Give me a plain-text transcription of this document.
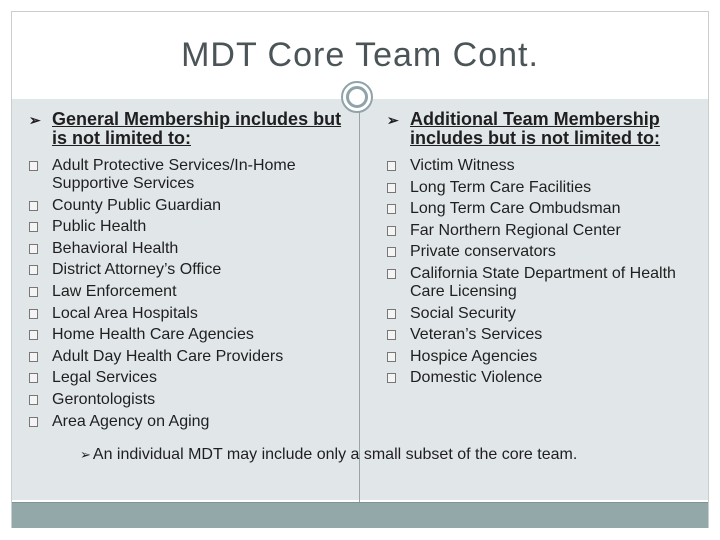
MDT Core Team Cont.
➢ General Membership includes but is not limited to:
Adult Protective Services/In-Home Supportive Services
County Public Guardian
Public Health
Behavioral Health
District Attorney’s Office
Law Enforcement
Local Area Hospitals
Home Health Care Agencies
Adult Day Health Care Providers
Legal Services
Gerontologists
Area Agency on Aging
➢ Additional Team Membership includes but is not limited to:
Victim Witness
Long Term Care Facilities
Long Term Care Ombudsman
Far Northern Regional Center
Private conservators
California State Department of Health Care Licensing
Social Security
Veteran’s Services
Hospice Agencies
Domestic Violence
➢ An individual MDT may include only a small subset of the core team.
